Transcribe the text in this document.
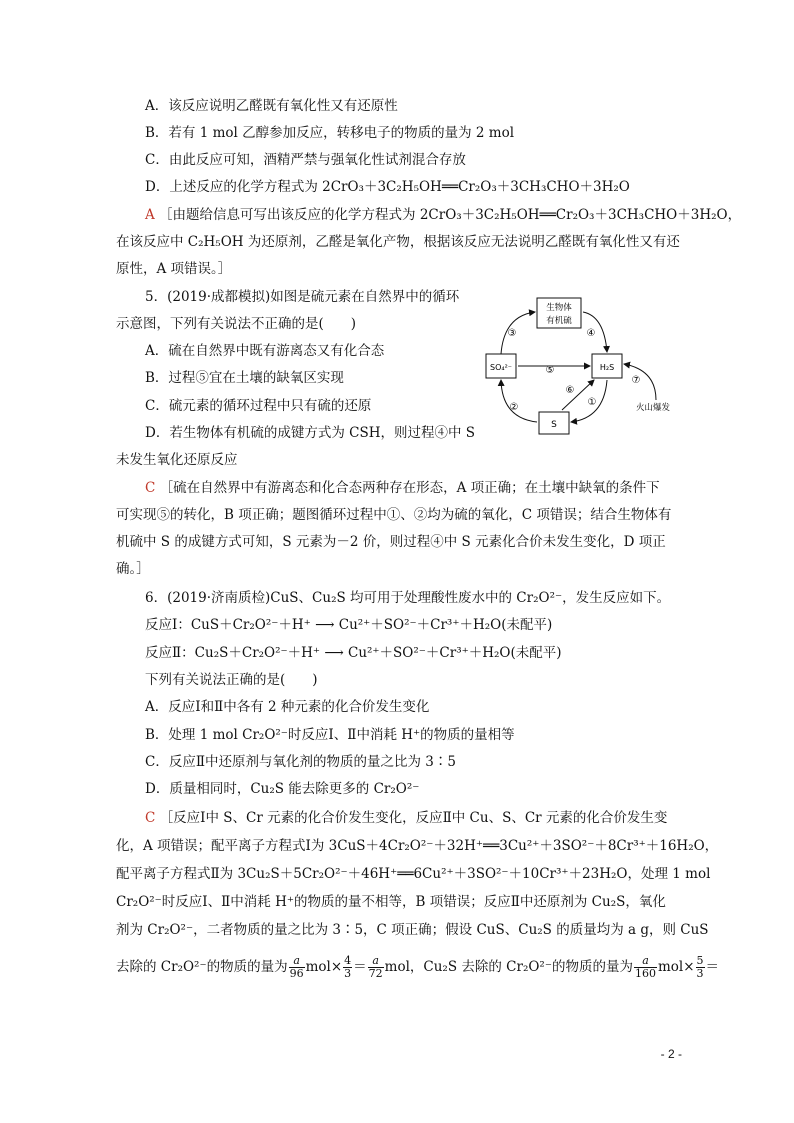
A．该反应说明乙醛既有氧化性又有还原性
B．若有 1 mol 乙醇参加反应，转移电子的物质的量为 2 mol
C．由此反应可知，酒精严禁与强氧化性试剂混合存放
D．上述反应的化学方程式为 2CrO₃＋3C₂H₅OH══Cr₂O₃＋3CH₃CHO＋3H₂O
A ［由题给信息可写出该反应的化学方程式为 2CrO₃＋3C₂H₅OH══Cr₂O₃＋3CH₃CHO＋3H₂O，
在该反应中 C₂H₅OH 为还原剂，乙醛是氧化产物，根据该反应无法说明乙醛既有氧化性又有还
原性，A 项错误。］
5．(2019·成都模拟)如图是硫元素在自然界中的循环
示意图，下列有关说法不正确的是(　　)
A．硫在自然界中既有游离态又有化合态
B．过程⑤宜在土壤的缺氧区实现
C．硫元素的循环过程中只有硫的还原
D．若生物体有机硫的成键方式为 CSH，则过程④中 S
未发生氧化还原反应
生物体
有机硫
SO₄²⁻	H₂S
S
③	④
⑤
⑥
①
②
⑦
火山爆发
C ［硫在自然界中有游离态和化合态两种存在形态，A 项正确；在土壤中缺氧的条件下
可实现⑤的转化，B 项正确；题图循环过程中①、②均为硫的氧化，C 项错误；结合生物体有
机硫中 S 的成键方式可知，S 元素为－2 价，则过程④中 S 元素化合价未发生变化，D 项正
确。］
6．(2019·济南质检)CuS、Cu₂S 均可用于处理酸性废水中的 Cr₂O²⁻，发生反应如下。
反应Ⅰ：CuS＋Cr₂O²⁻＋H⁺ ⟶ Cu²⁺＋SO²⁻＋Cr³⁺＋H₂O(未配平)
反应Ⅱ：Cu₂S＋Cr₂O²⁻＋H⁺ ⟶ Cu²⁺＋SO²⁻＋Cr³⁺＋H₂O(未配平)
下列有关说法正确的是(　　)
A．反应Ⅰ和Ⅱ中各有 2 种元素的化合价发生变化
B．处理 1 mol Cr₂O²⁻时反应Ⅰ、Ⅱ中消耗 H⁺的物质的量相等
C．反应Ⅱ中还原剂与氧化剂的物质的量之比为 3∶5
D．质量相同时，Cu₂S 能去除更多的 Cr₂O²⁻
C ［反应Ⅰ中 S、Cr 元素的化合价发生变化，反应Ⅱ中 Cu、S、Cr 元素的化合价发生变
化，A 项错误；配平离子方程式Ⅰ为 3CuS＋4Cr₂O²⁻＋32H⁺══3Cu²⁺＋3SO²⁻＋8Cr³⁺＋16H₂O，
配平离子方程式Ⅱ为 3Cu₂S＋5Cr₂O²⁻＋46H⁺══6Cu²⁺＋3SO²⁻＋10Cr³⁺＋23H₂O，处理 1 mol
Cr₂O²⁻时反应Ⅰ、Ⅱ中消耗 H⁺的物质的量不相等，B 项错误；反应Ⅱ中还原剂为 Cu₂S，氧化
剂为 Cr₂O²⁻，二者物质的量之比为 3∶5，C 项正确；假设 CuS、Cu₂S 的质量均为 a g，则 CuS
去除的 Cr₂O²⁻的物质的量为 $\frac{a}{96} mol\times \frac{4}{3} = \frac{a}{72}$ mol，Cu₂S 去除的 Cr₂O²⁻的物质的量为 $\frac{a}{160} mol\times \frac{5}{3}$ ＝
- 2 -
